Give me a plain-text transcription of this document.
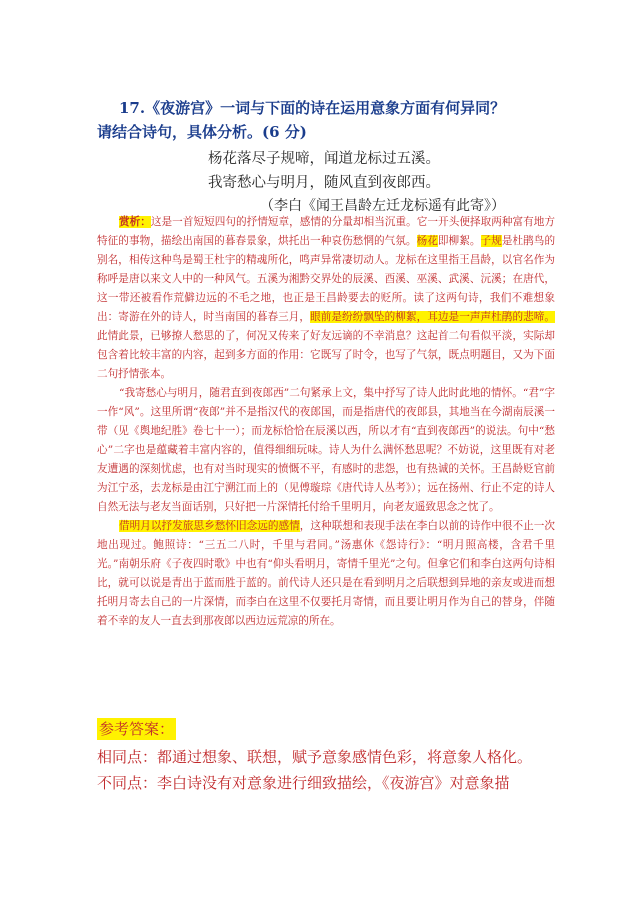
17.《夜游宫》一词与下面的诗在运用意象方面有何异同？
请结合诗句，具体分析。(6 分)
杨花落尽子规啼，闻道龙标过五溪。
我寄愁心与明月，随风直到夜郎西。
（李白《闻王昌龄左迁龙标遥有此寄》）

赏析：这是一首短短四句的抒情短章，感情的分量却相当沉重。它一开头便择取两种富有地方特征的事物，描绘出南国的暮春景象，烘托出一种哀伤愁惘的气氛。杨花即柳絮。子规是杜鹃鸟的别名，相传这种鸟是蜀王杜宇的精魂所化，鸣声异常凄切动人。龙标在这里指王昌龄，以官名作为称呼是唐以来文人中的一种风气。五溪为湘黔交界处的辰溪、酉溪、巫溪、武溪、沅溪；在唐代，这一带还被看作荒僻边远的不毛之地，也正是王昌龄要去的贬所。读了这两句诗，我们不难想象出：寄游在外的诗人，时当南国的暮春三月，眼前是纷纷飘坠的柳絮，耳边是一声声杜鹃的悲啼。此情此景，已够撩人愁思的了，何况又传来了好友远谪的不幸消息？这起首二句看似平淡，实际却包含着比较丰富的内容，起到多方面的作用：它既写了时令，也写了气氛，既点明题目，又为下面二句抒情张本。

“我寄愁心与明月，随君直到夜郎西”二句紧承上文，集中抒写了诗人此时此地的情怀。“君”字一作“风”。这里所谓“夜郎”并不是指汉代的夜郎国，而是指唐代的夜郎县，其地当在今湖南辰溪一带（见《舆地纪胜》卷七十一）；而龙标恰恰在辰溪以西，所以才有“直到夜郎西”的说法。句中“愁心”二字也是蕴藏着丰富内容的，值得细细玩味。诗人为什么满怀愁思呢？不妨说，这里既有对老友遭遇的深刻忧虑，也有对当时现实的愤慨不平，有感时的悲怨，也有热诚的关怀。王昌龄贬官前为江宁丞，去龙标是由江宁溯江而上的（见傅璇琮《唐代诗人丛考》）；远在扬州、行止不定的诗人自然无法与老友当面话别，只好把一片深情托付给千里明月，向老友遥致思念之忱了。

借明月以抒发旅思乡愁怀旧念远的感情，这种联想和表现手法在李白以前的诗作中很不止一次地出现过。鲍照诗：“三五二八时，千里与君同。”汤惠休《怨诗行》：“明月照高楼，含君千里光。”南朝乐府《子夜四时歌》中也有“仰头看明月，寄情千里光”之句。但拿它们和李白这两句诗相比，就可以说是青出于蓝而胜于蓝的。前代诗人还只是在看到明月之后联想到异地的亲友或进而想托明月寄去自己的一片深情，而李白在这里不仅要托月寄情，而且要让明月作为自己的替身，伴随着不幸的友人一直去到那夜郎以西边远荒凉的所在。

参考答案：
相同点：都通过想象、联想，赋予意象感情色彩，将意象人格化。
不同点：李白诗没有对意象进行细致描绘，《夜游宫》对意象描
